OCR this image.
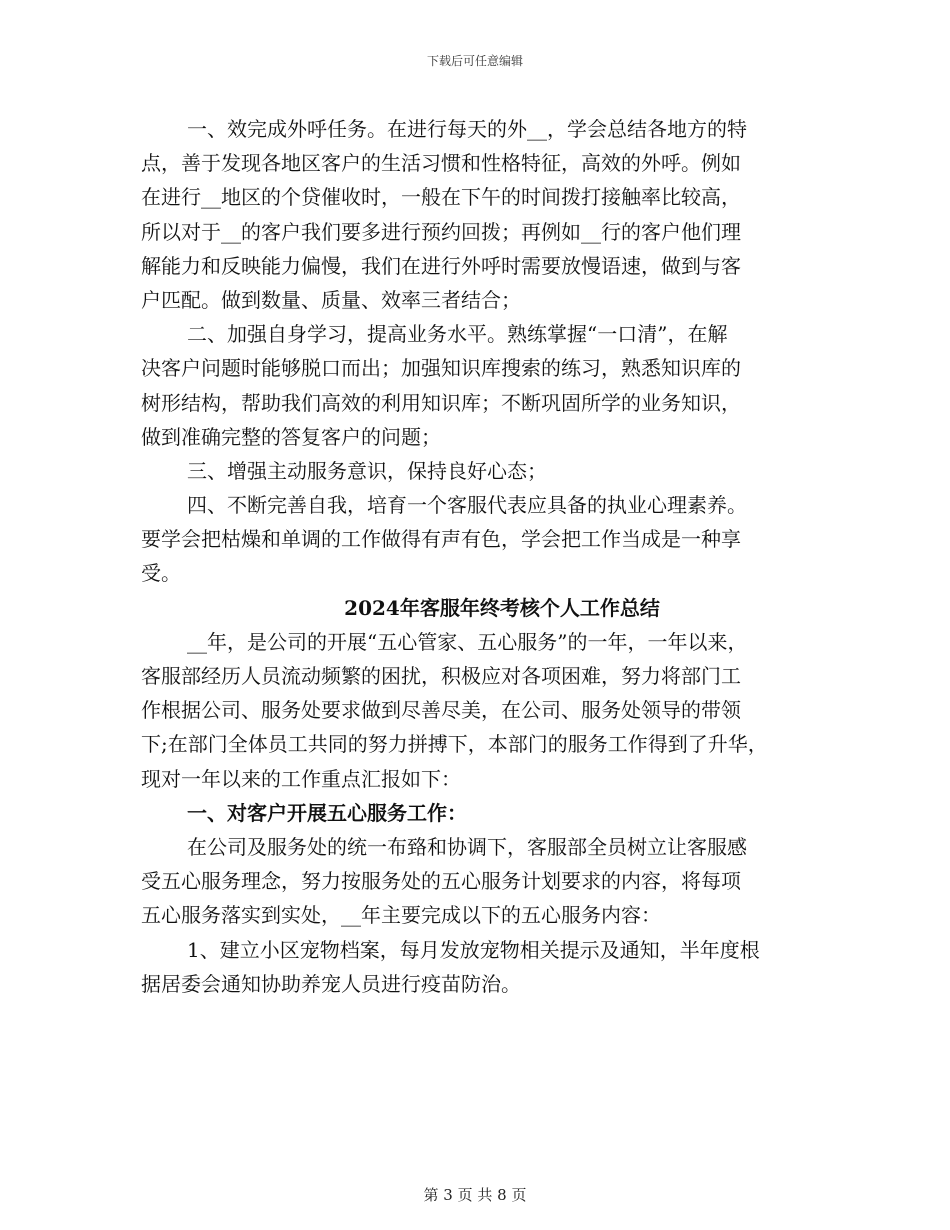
下载后可任意编辑
一、效完成外呼任务。在进行每天的外__，学会总结各地方的特
点，善于发现各地区客户的生活习惯和性格特征，高效的外呼。例如
在进行__地区的个贷催收时，一般在下午的时间拨打接触率比较高，
所以对于__的客户我们要多进行预约回拨；再例如__行的客户他们理
解能力和反映能力偏慢，我们在进行外呼时需要放慢语速，做到与客
户匹配。做到数量、质量、效率三者结合；
二、加强自身学习，提高业务水平。熟练掌握“一口清”，在解
决客户问题时能够脱口而出；加强知识库搜索的练习，熟悉知识库的
树形结构，帮助我们高效的利用知识库；不断巩固所学的业务知识，
做到准确完整的答复客户的问题；
三、增强主动服务意识，保持良好心态；
四、不断完善自我，培育一个客服代表应具备的执业心理素养。
要学会把枯燥和单调的工作做得有声有色，学会把工作当成是一种享
受。
2024年客服年终考核个人工作总结
__年，是公司的开展“五心管家、五心服务”的一年，一年以来，
客服部经历人员流动频繁的困扰，积极应对各项困难，努力将部门工
作根据公司、服务处要求做到尽善尽美，在公司、服务处领导的带领
下;在部门全体员工共同的努力拼搏下，本部门的服务工作得到了升华，
现对一年以来的工作重点汇报如下：
一、对客户开展五心服务工作：
在公司及服务处的统一布臵和协调下，客服部全员树立让客服感
受五心服务理念，努力按服务处的五心服务计划要求的内容，将每项
五心服务落实到实处，__年主要完成以下的五心服务内容：
1、建立小区宠物档案，每月发放宠物相关提示及通知，半年度根
据居委会通知协助养宠人员进行疫苗防治。
第 3 页 共 8 页
